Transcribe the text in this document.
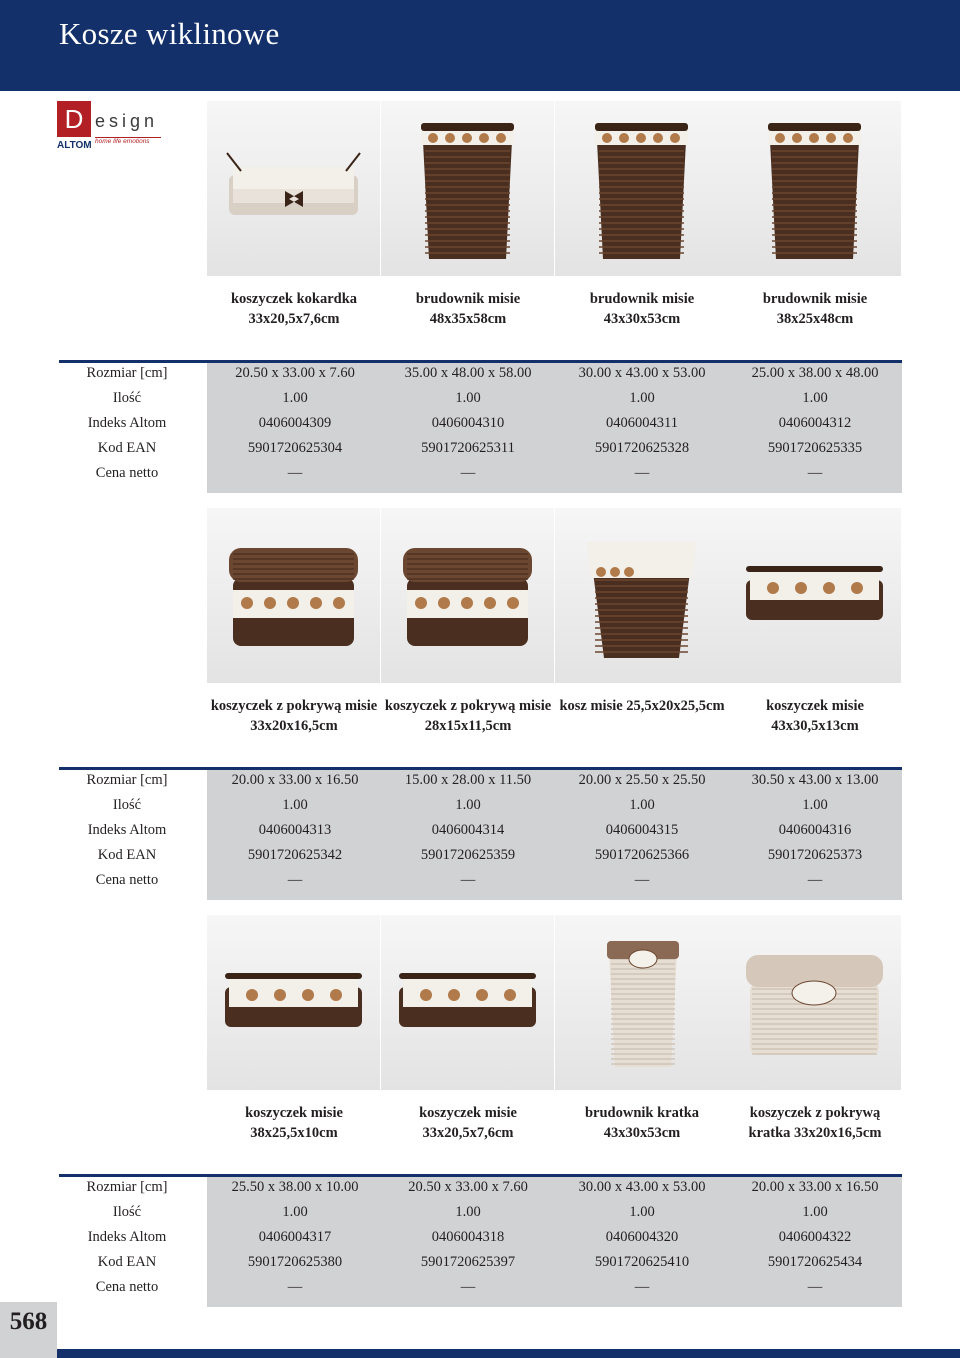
Kosze wiklinowe
D esign
ALTOM home life emotions
koszyczek kokardka
33x20,5x7,6cm
brudownik misie
48x35x58cm
brudownik misie
43x30x53cm
brudownik misie
38x25x48cm
Rozmiar [cm]	20.50 x 33.00 x 7.60	35.00 x 48.00 x 58.00	30.00 x 43.00 x 53.00	25.00 x 38.00 x 48.00
Ilość	1.00	1.00	1.00	1.00
Indeks Altom	0406004309	0406004310	0406004311	0406004312
Kod EAN	5901720625304	5901720625311	5901720625328	5901720625335
Cena netto	—	—	—	—
koszyczek z pokrywą misie
33x20x16,5cm
koszyczek z pokrywą misie
28x15x11,5cm
kosz misie 25,5x20x25,5cm	koszyczek misie
43x30,5x13cm
Rozmiar [cm]	20.00 x 33.00 x 16.50	15.00 x 28.00 x 11.50	20.00 x 25.50 x 25.50	30.50 x 43.00 x 13.00
Ilość	1.00	1.00	1.00	1.00
Indeks Altom	0406004313	0406004314	0406004315	0406004316
Kod EAN	5901720625342	5901720625359	5901720625366	5901720625373
Cena netto	—	—	—	—
koszyczek misie
38x25,5x10cm
koszyczek misie
33x20,5x7,6cm
brudownik kratka
43x30x53cm
koszyczek z pokrywą
kratka 33x20x16,5cm
Rozmiar [cm]	25.50 x 38.00 x 10.00	20.50 x 33.00 x 7.60	30.00 x 43.00 x 53.00	20.00 x 33.00 x 16.50
Ilość	1.00	1.00	1.00	1.00
Indeks Altom	0406004317	0406004318	0406004320	0406004322
Kod EAN	5901720625380	5901720625397	5901720625410	5901720625434
Cena netto	—	—	—	—
568
